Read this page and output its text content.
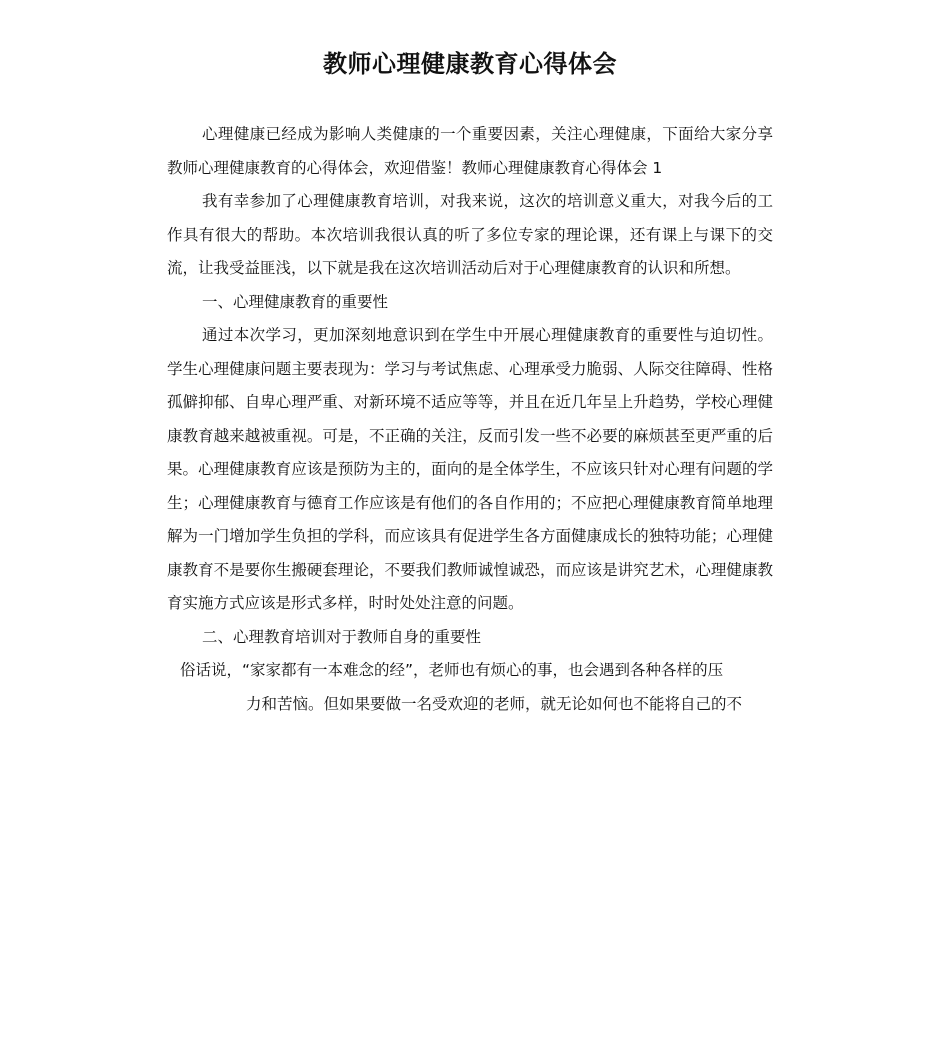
教师心理健康教育心得体会

心理健康已经成为影响人类健康的一个重要因素，关注心理健康，下面给大家分享教师心理健康教育的心得体会，欢迎借鉴！教师心理健康教育心得体会 1

我有幸参加了心理健康教育培训，对我来说，这次的培训意义重大，对我今后的工作具有很大的帮助。本次培训我很认真的听了多位专家的理论课，还有课上与课下的交流，让我受益匪浅，以下就是我在这次培训活动后对于心理健康教育的认识和所想。

一、心理健康教育的重要性

通过本次学习，更加深刻地意识到在学生中开展心理健康教育的重要性与迫切性。学生心理健康问题主要表现为：学习与考试焦虑、心理承受力脆弱、人际交往障碍、性格孤僻抑郁、自卑心理严重、对新环境不适应等等，并且在近几年呈上升趋势，学校心理健康教育越来越被重视。可是，不正确的关注，反而引发一些不必要的麻烦甚至更严重的后果。心理健康教育应该是预防为主的，面向的是全体学生，不应该只针对心理有问题的学生；心理健康教育与德育工作应该是有他们的各自作用的；不应把心理健康教育简单地理解为一门增加学生负担的学科，而应该具有促进学生各方面健康成长的独特功能；心理健康教育不是要你生搬硬套理论，不要我们教师诚惶诚恐，而应该是讲究艺术，心理健康教育实施方式应该是形式多样，时时处处注意的问题。

二、心理教育培训对于教师自身的重要性

俗话说，“家家都有一本难念的经”，老师也有烦心的事，也会遇到各种各样的压
力和苦恼。但如果要做一名受欢迎的老师，就无论如何也不能将自己的不
